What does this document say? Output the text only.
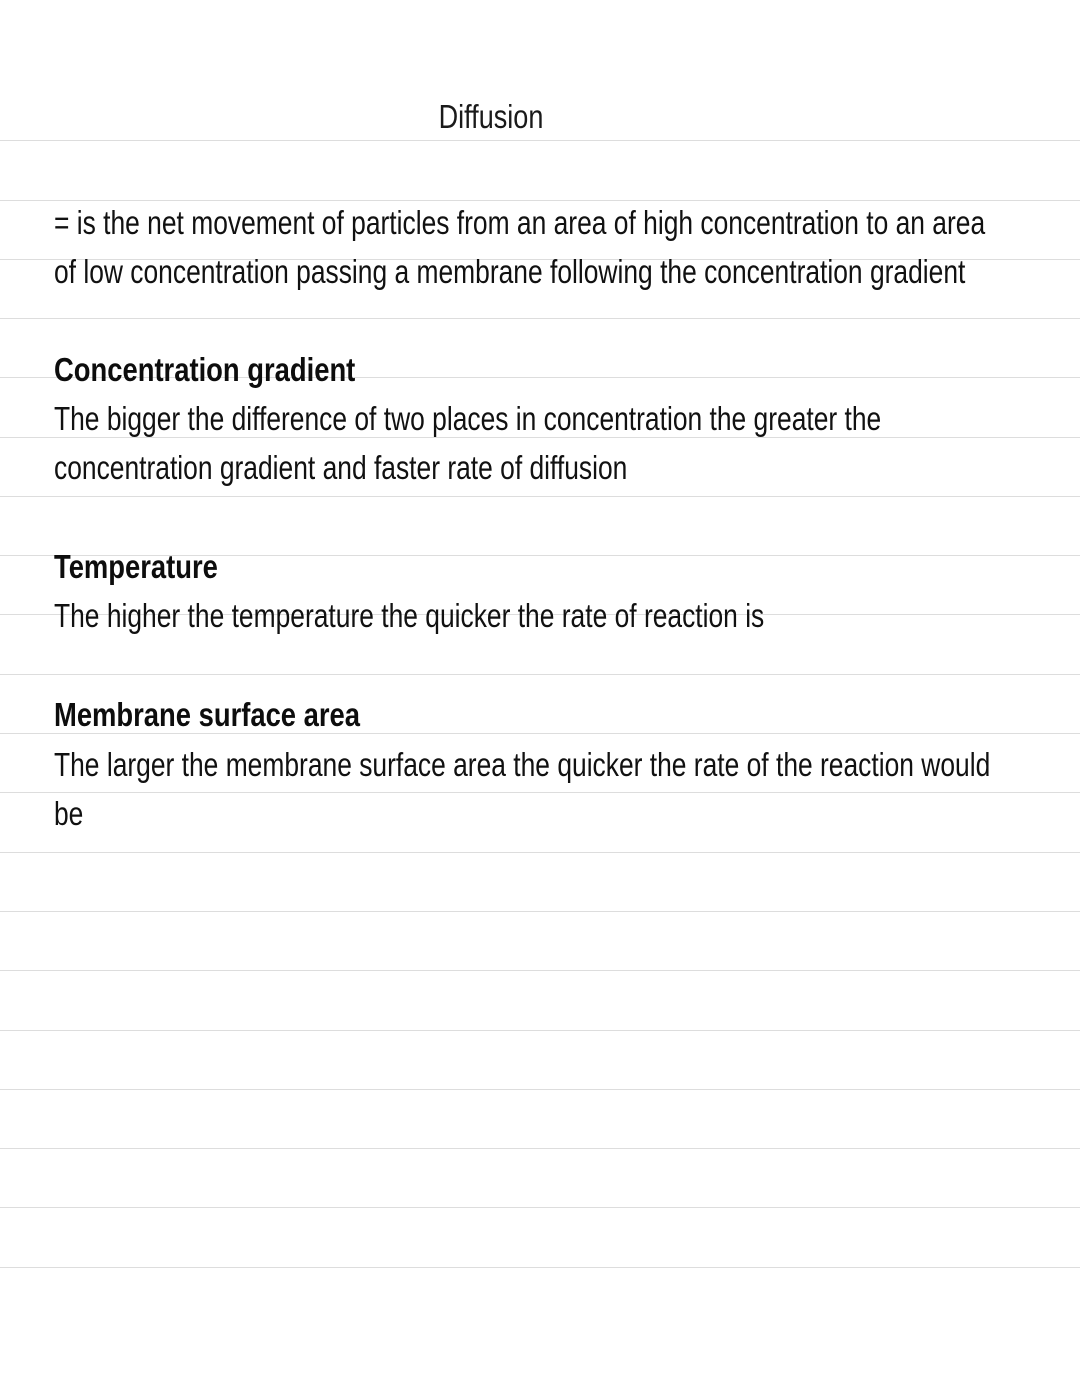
Diffusion

= is the net movement of particles from an area of high concentration to an area

of low concentration passing a membrane following the concentration gradient

Concentration gradient

The bigger the difference of two places in concentration the greater the

concentration gradient and faster rate of diffusion

Temperature

The higher the temperature the quicker the rate of reaction is

Membrane surface area

The larger the membrane surface area the quicker the rate of the reaction would

be
